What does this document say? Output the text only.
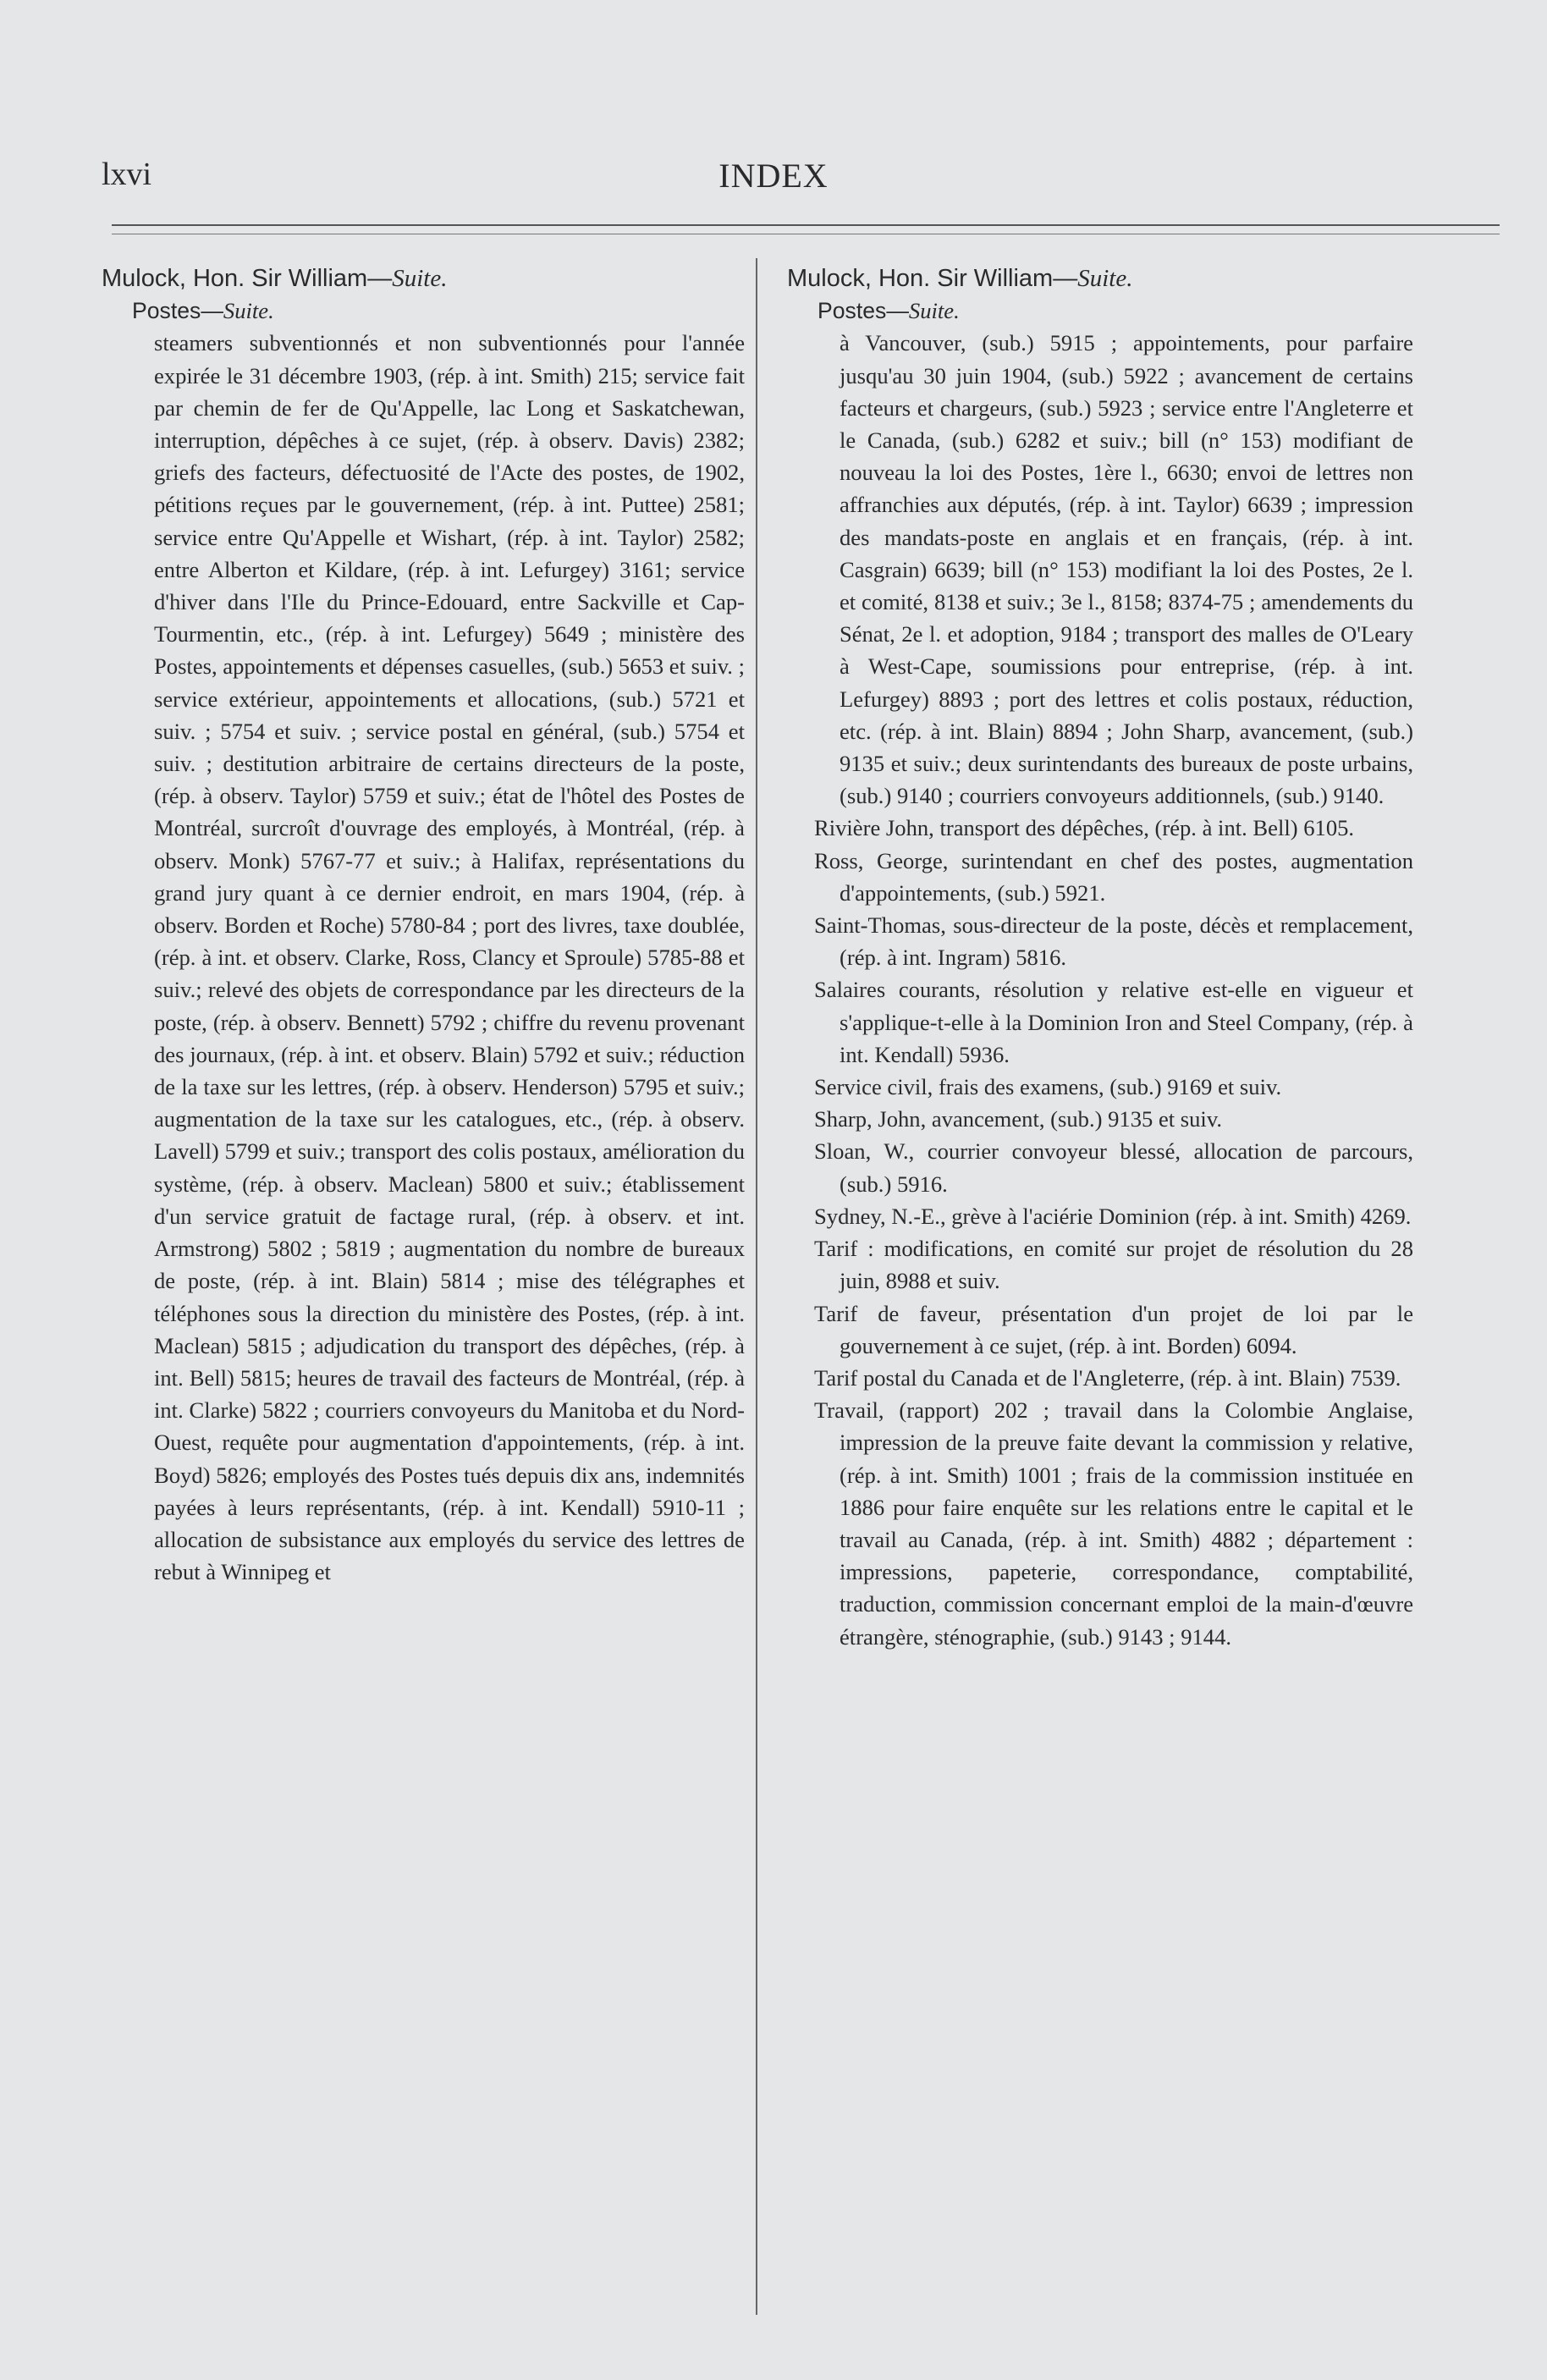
lxvi	INDEX
Mulock, Hon. Sir William—Suite.
Postes—Suite.
steamers subventionnés et non subventionnés pour l'année expirée le 31 décembre 1903, (rép. à int. Smith) 215; service fait par chemin de fer de Qu'Appelle, lac Long et Saskatchewan, interruption, dépêches à ce sujet, (rép. à observ. Davis) 2382; griefs des facteurs, défectuosité de l'Acte des postes, de 1902, pétitions reçues par le gouvernement, (rép. à int. Puttee) 2581; service entre Qu'Appelle et Wishart, (rép. à int. Taylor) 2582; entre Alberton et Kildare, (rép. à int. Lefurgey) 3161; service d'hiver dans l'Ile du Prince-Edouard, entre Sackville et Cap-Tourmentin, etc., (rép. à int. Lefurgey) 5649 ; ministère des Postes, appointements et dépenses casuelles, (sub.) 5653 et suiv. ; service extérieur, appointements et allocations, (sub.) 5721 et suiv. ; 5754 et suiv. ; service postal en général, (sub.) 5754 et suiv. ; destitution arbitraire de certains directeurs de la poste, (rép. à observ. Taylor) 5759 et suiv.; état de l'hôtel des Postes de Montréal, surcroît d'ouvrage des employés, à Montréal, (rép. à observ. Monk) 5767-77 et suiv.; à Halifax, représentations du grand jury quant à ce dernier endroit, en mars 1904, (rép. à observ. Borden et Roche) 5780-84 ; port des livres, taxe doublée, (rép. à int. et observ. Clarke, Ross, Clancy et Sproule) 5785-88 et suiv.; relevé des objets de correspondance par les directeurs de la poste, (rép. à observ. Bennett) 5792 ; chiffre du revenu provenant des journaux, (rép. à int. et observ. Blain) 5792 et suiv.; réduction de la taxe sur les lettres, (rép. à observ. Henderson) 5795 et suiv.; augmentation de la taxe sur les catalogues, etc., (rép. à observ. Lavell) 5799 et suiv.; transport des colis postaux, amélioration du système, (rép. à observ. Maclean) 5800 et suiv.; établissement d'un service gratuit de factage rural, (rép. à observ. et int. Armstrong) 5802 ; 5819 ; augmentation du nombre de bureaux de poste, (rép. à int. Blain) 5814 ; mise des télégraphes et téléphones sous la direction du ministère des Postes, (rép. à int. Maclean) 5815 ; adjudication du transport des dépêches, (rép. à int. Bell) 5815; heures de travail des facteurs de Montréal, (rép. à int. Clarke) 5822 ; courriers convoyeurs du Manitoba et du Nord-Ouest, requête pour augmentation d'appointements, (rép. à int. Boyd) 5826; employés des Postes tués depuis dix ans, indemnités payées à leurs représentants, (rép. à int. Kendall) 5910-11 ; allocation de subsistance aux employés du service des lettres de rebut à Winnipeg et
Mulock, Hon. Sir William—Suite.
Postes—Suite.
à Vancouver, (sub.) 5915 ; appointements, pour parfaire jusqu'au 30 juin 1904, (sub.) 5922 ; avancement de certains facteurs et chargeurs, (sub.) 5923 ; service entre l'Angleterre et le Canada, (sub.) 6282 et suiv.; bill (n° 153) modifiant de nouveau la loi des Postes, 1ère l., 6630; envoi de lettres non affranchies aux députés, (rép. à int. Taylor) 6639 ; impression des mandats-poste en anglais et en français, (rép. à int. Casgrain) 6639; bill (n° 153) modifiant la loi des Postes, 2e l. et comité, 8138 et suiv.; 3e l., 8158; 8374-75 ; amendements du Sénat, 2e l. et adoption, 9184 ; transport des malles de O'Leary à West-Cape, soumissions pour entreprise, (rép. à int. Lefurgey) 8893 ; port des lettres et colis postaux, réduction, etc. (rép. à int. Blain) 8894 ; John Sharp, avancement, (sub.) 9135 et suiv.; deux surintendants des bureaux de poste urbains, (sub.) 9140 ; courriers convoyeurs additionnels, (sub.) 9140.
Rivière John, transport des dépêches, (rép. à int. Bell) 6105.
Ross, George, surintendant en chef des postes, augmentation d'appointements, (sub.) 5921.
Saint-Thomas, sous-directeur de la poste, décès et remplacement, (rép. à int. Ingram) 5816.
Salaires courants, résolution y relative est-elle en vigueur et s'applique-t-elle à la Dominion Iron and Steel Company, (rép. à int. Kendall) 5936.
Service civil, frais des examens, (sub.) 9169 et suiv.
Sharp, John, avancement, (sub.) 9135 et suiv.
Sloan, W., courrier convoyeur blessé, allocation de parcours, (sub.) 5916.
Sydney, N.-E., grève à l'aciérie Dominion (rép. à int. Smith) 4269.
Tarif : modifications, en comité sur projet de résolution du 28 juin, 8988 et suiv.
Tarif de faveur, présentation d'un projet de loi par le gouvernement à ce sujet, (rép. à int. Borden) 6094.
Tarif postal du Canada et de l'Angleterre, (rép. à int. Blain) 7539.
Travail, (rapport) 202 ; travail dans la Colombie Anglaise, impression de la preuve faite devant la commission y relative, (rép. à int. Smith) 1001 ; frais de la commission instituée en 1886 pour faire enquête sur les relations entre le capital et le travail au Canada, (rép. à int. Smith) 4882 ; département : impressions, papeterie, correspondance, comptabilité, traduction, commission concernant emploi de la main-d'œuvre étrangère, sténographie, (sub.) 9143 ; 9144.
